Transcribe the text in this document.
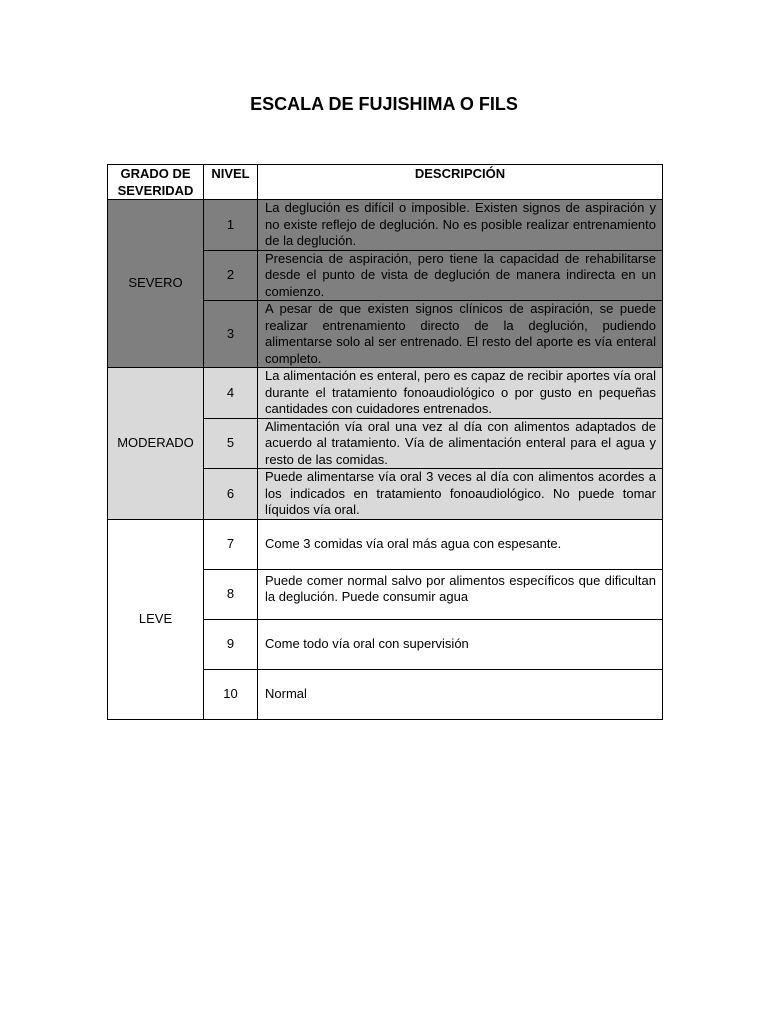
ESCALA DE FUJISHIMA O FILS
GRADO DE
SEVERIDAD	NIVEL	DESCRIPCIÓN
SEVERO	1	La deglución es difícil o imposible. Existen signos de aspiración y no existe reflejo de deglución. No es posible realizar entrenamiento de la deglución.
	2	Presencia de aspiración, pero tiene la capacidad de rehabilitarse desde el punto de vista de deglución de manera indirecta en un comienzo.
	3	A pesar de que existen signos clínicos de aspiración, se puede realizar entrenamiento directo de la deglución, pudiendo alimentarse solo al ser entrenado. El resto del aporte es vía enteral completo.
MODERADO	4	La alimentación es enteral, pero es capaz de recibir aportes vía oral durante el tratamiento fonoaudiológico o por gusto en pequeñas cantidades con cuidadores entrenados.
	5	Alimentación vía oral una vez al día con alimentos adaptados de acuerdo al tratamiento. Vía de alimentación enteral para el agua y resto de las comidas.
	6	Puede alimentarse vía oral 3 veces al día con alimentos acordes a los indicados en tratamiento fonoaudiológico. No puede tomar líquidos vía oral.
LEVE	7	Come 3 comidas vía oral más agua con espesante.
	8	Puede comer normal salvo por alimentos específicos que dificultan la deglución. Puede consumir agua
	9	Come todo vía oral con supervisión
	10	Normal
